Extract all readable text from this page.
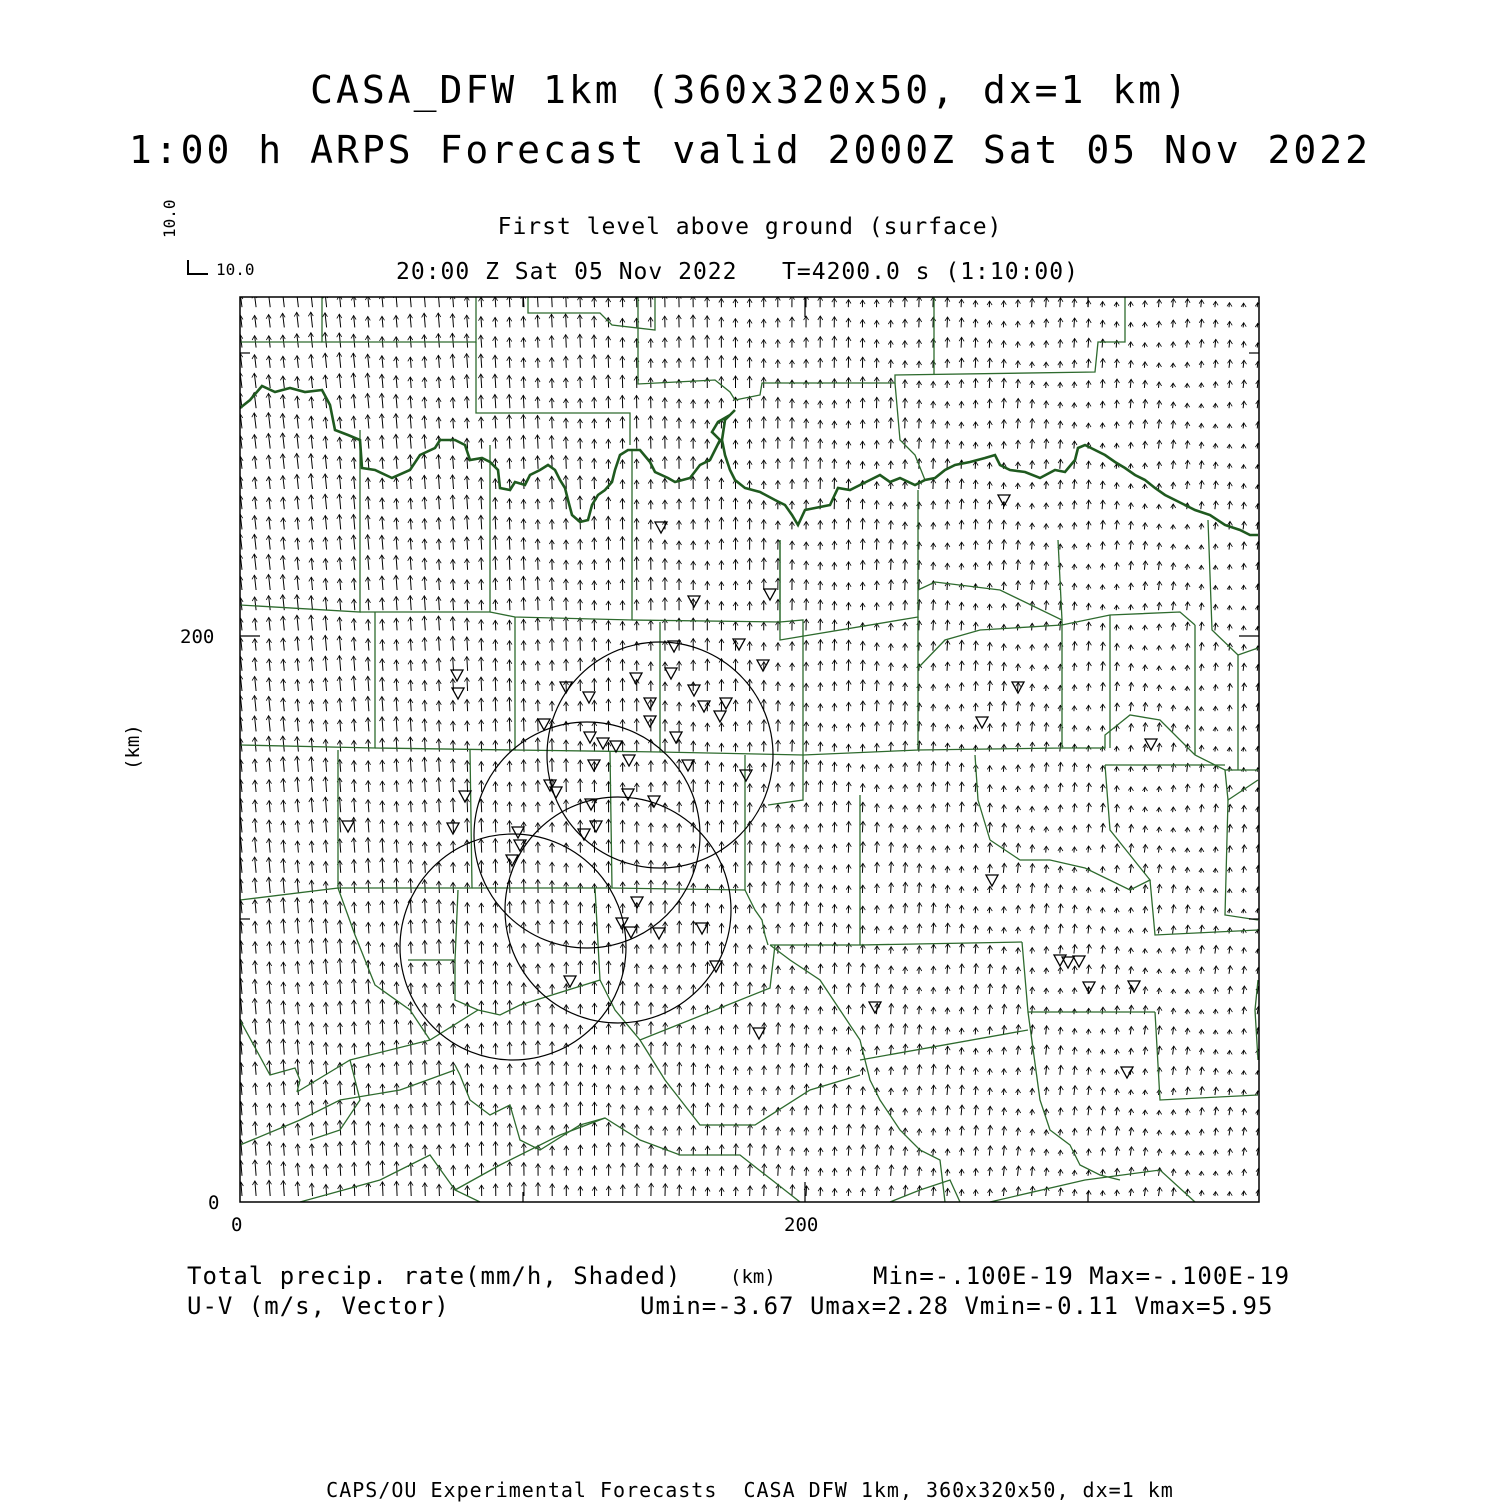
CASA_DFW 1km (360x320x50, dx=1 km)
1:00 h ARPS Forecast valid 2000Z Sat 05 Nov 2022
First level above ground (surface)
20:00 Z Sat 05 Nov 2022   T=4200.0 s (1:10:00)
10.0
10.0
200
0
0	200
(km)
(km)
Total precip. rate(mm/h, Shaded)	Min=-.100E-19 Max=-.100E-19
U-V (m/s, Vector)	Umin=-3.67 Umax=2.28 Vmin=-0.11 Vmax=5.95
CAPS/OU Experimental Forecasts  CASA DFW 1km, 360x320x50, dx=1 km
